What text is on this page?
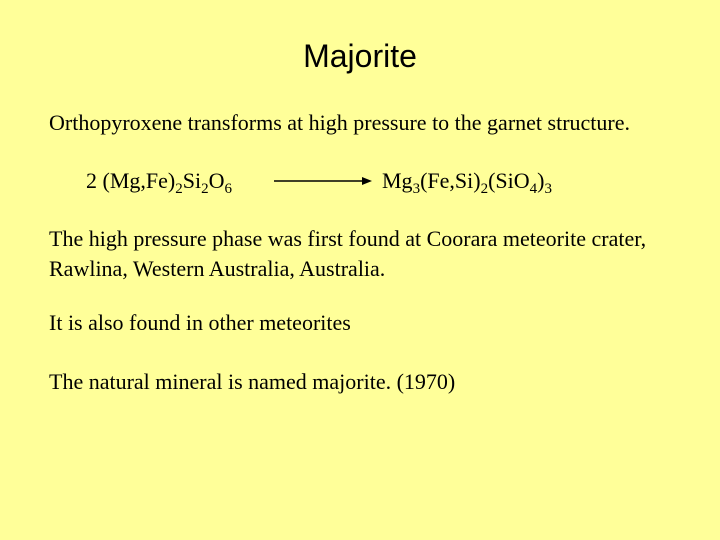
Majorite
Orthopyroxene transforms at high pressure to the garnet structure.
2 $(Mg,Fe)_2Si_2O_6$	$Mg_3(Fe,Si)_2(SiO_4)_3$
The high pressure phase was first found at Coorara meteorite crater,
Rawlina, Western Australia, Australia.
It is also found in other meteorites
The natural mineral is named majorite. (1970)
